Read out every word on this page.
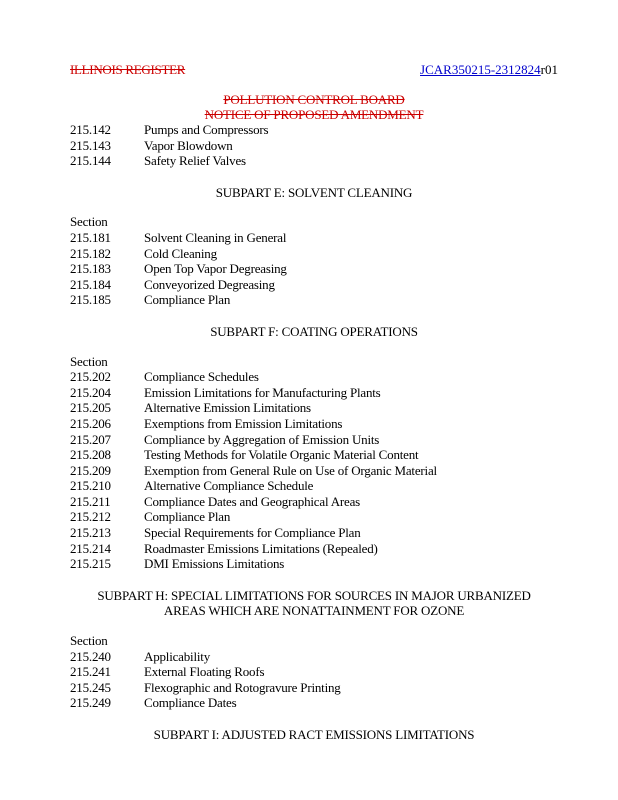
ILLINOIS REGISTER	JCAR350215-2312824r01
POLLUTION CONTROL BOARD
NOTICE OF PROPOSED AMENDMENT
215.142	Pumps and Compressors
215.143	Vapor Blowdown
215.144	Safety Relief Valves
SUBPART E: SOLVENT CLEANING
Section
215.181	Solvent Cleaning in General
215.182	Cold Cleaning
215.183	Open Top Vapor Degreasing
215.184	Conveyorized Degreasing
215.185	Compliance Plan
SUBPART F: COATING OPERATIONS
Section
215.202	Compliance Schedules
215.204	Emission Limitations for Manufacturing Plants
215.205	Alternative Emission Limitations
215.206	Exemptions from Emission Limitations
215.207	Compliance by Aggregation of Emission Units
215.208	Testing Methods for Volatile Organic Material Content
215.209	Exemption from General Rule on Use of Organic Material
215.210	Alternative Compliance Schedule
215.211	Compliance Dates and Geographical Areas
215.212	Compliance Plan
215.213	Special Requirements for Compliance Plan
215.214	Roadmaster Emissions Limitations (Repealed)
215.215	DMI Emissions Limitations
SUBPART H: SPECIAL LIMITATIONS FOR SOURCES IN MAJOR URBANIZED
AREAS WHICH ARE NONATTAINMENT FOR OZONE
Section
215.240	Applicability
215.241	External Floating Roofs
215.245	Flexographic and Rotogravure Printing
215.249	Compliance Dates
SUBPART I: ADJUSTED RACT EMISSIONS LIMITATIONS
